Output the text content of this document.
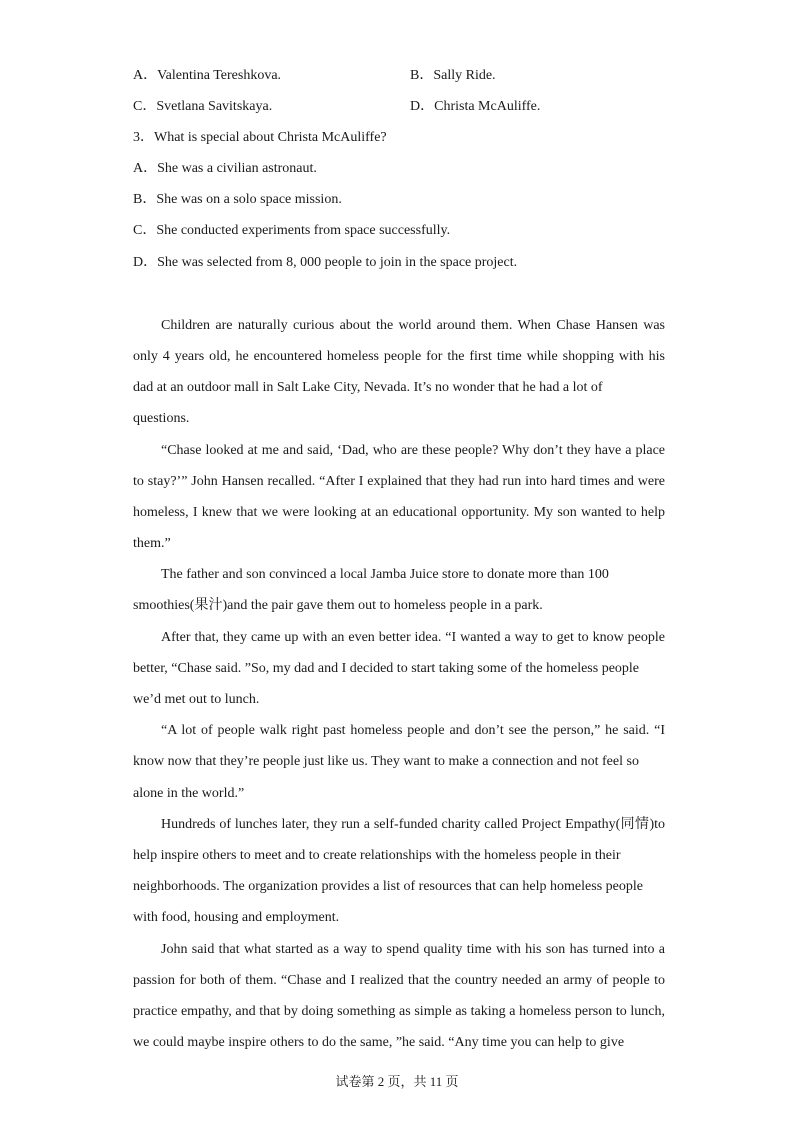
A．Valentina Tereshkova.	B．Sally Ride.
C．Svetlana Savitskaya.	D．Christa McAuliffe.
3．What is special about Christa McAuliffe?
A．She was a civilian astronaut.
B．She was on a solo space mission.
C．She conducted experiments from space successfully.
D．She was selected from 8, 000 people to join in the space project.
Children are naturally curious about the world around them. When Chase Hansen was
only 4 years old, he encountered homeless people for the first time while shopping with his
dad at an outdoor mall in Salt Lake City, Nevada. It’s no wonder that he had a lot of
questions.
“Chase looked at me and said, ‘Dad, who are these people? Why don’t they have a place
to stay?’” John Hansen recalled. “After I explained that they had run into hard times and were
homeless, I knew that we were looking at an educational opportunity. My son wanted to help
them.”
The father and son convinced a local Jamba Juice store to donate more than 100
smoothies(果汁)and the pair gave them out to homeless people in a park.
After that, they came up with an even better idea. “I wanted a way to get to know people
better, “Chase said. ”So, my dad and I decided to start taking some of the homeless people
we’d met out to lunch.
“A lot of people walk right past homeless people and don’t see the person,” he said. “I
know now that they’re people just like us. They want to make a connection and not feel so
alone in the world.”
Hundreds of lunches later, they run a self-funded charity called Project Empathy(同情)to
help inspire others to meet and to create relationships with the homeless people in their
neighborhoods. The organization provides a list of resources that can help homeless people
with food, housing and employment.
John said that what started as a way to spend quality time with his son has turned into a
passion for both of them. “Chase and I realized that the country needed an army of people to
practice empathy, and that by doing something as simple as taking a homeless person to lunch,
we could maybe inspire others to do the same, ”he said. “Any time you can help to give
试卷第 2 页，共 11 页
